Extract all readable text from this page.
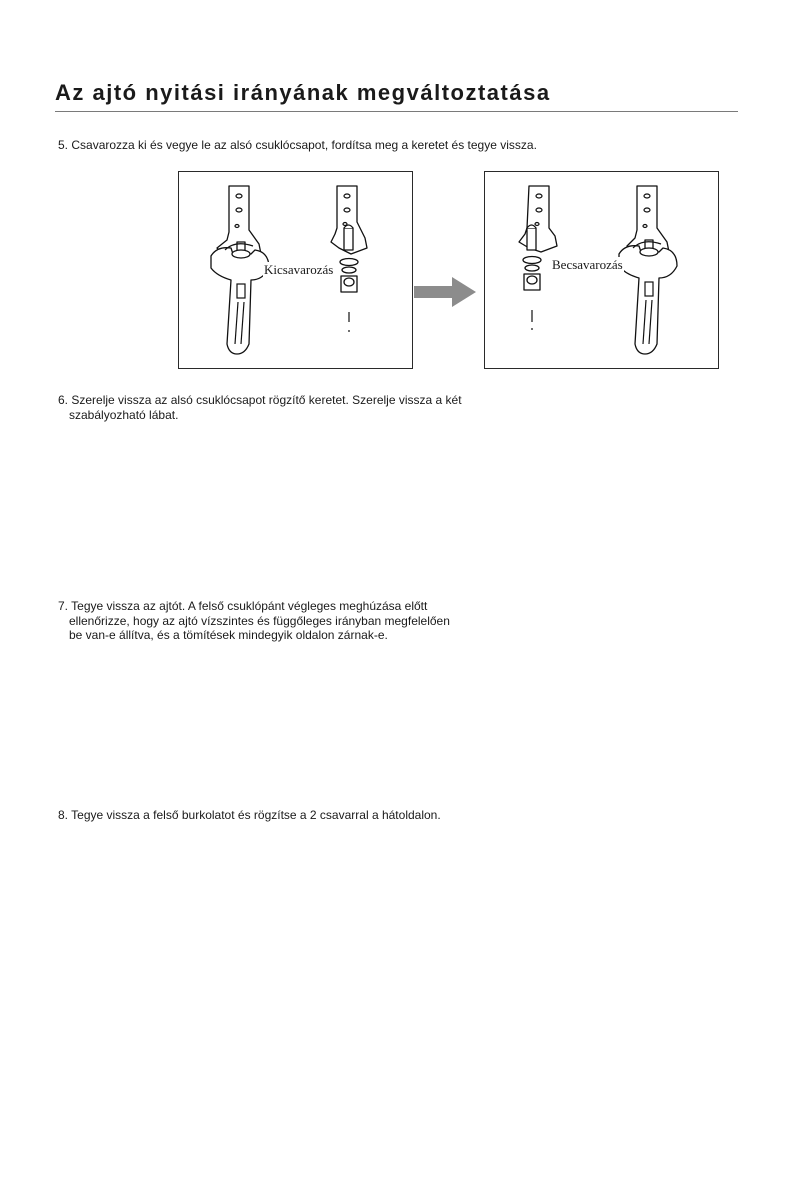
Az ajtó nyitási irányának megváltoztatása

5. Csavarozza ki és vegye le az alsó csuklócsapot, fordítsa meg a keretet és tegye vissza.

Kicsavarozás	Becsavarozás

6. Szerelje vissza az alsó csuklócsapot rögzítő keretet. Szerelje vissza a két
szabályozható lábat.

7. Tegye vissza az ajtót. A felső csuklópánt végleges meghúzása előtt
ellenőrizze, hogy az ajtó vízszintes és függőleges irányban megfelelően
be van-e állítva, és a tömítések mindegyik oldalon zárnak-e.

8. Tegye vissza a felső burkolatot és rögzítse a 2 csavarral a hátoldalon.
